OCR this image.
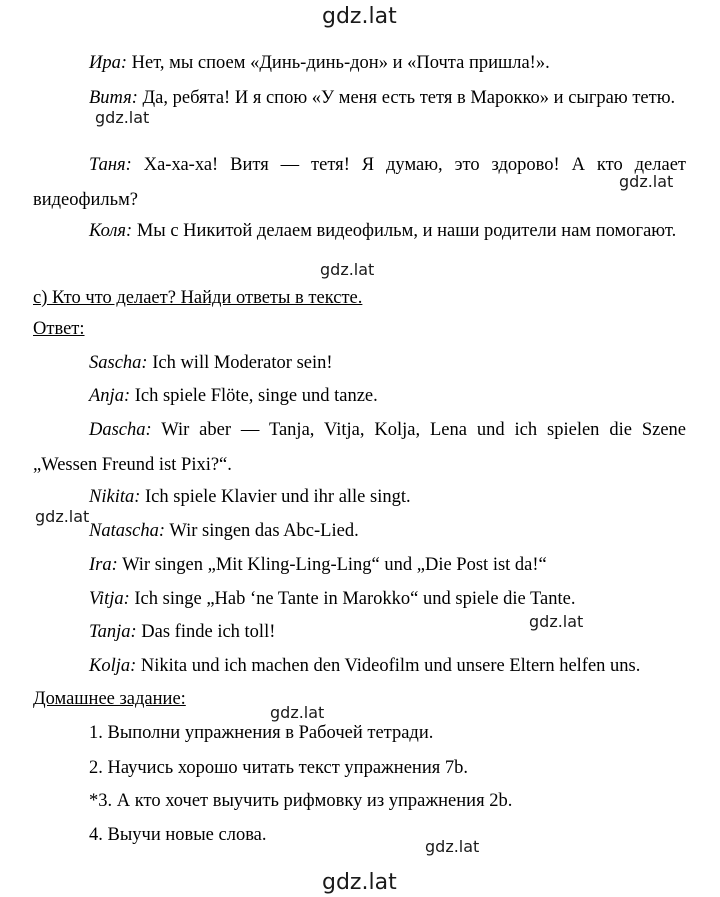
gdz.lat
gdz.lat
gdz.lat
gdz.lat
gdz.lat
gdz.lat
gdz.lat
gdz.lat
gdz.lat
Ира: Нет, мы споем «Динь-динь-дон» и «Почта пришла!».
Витя: Да, ребята! И я спою «У меня есть тетя в Марокко» и сыграю тетю.
Таня: Ха-ха-ха! Витя — тетя! Я думаю, это здорово! А кто делает видеофильм?
Коля: Мы с Никитой делаем видеофильм, и наши родители нам помогают.
с) Кто что делает? Найди ответы в тексте.
Ответ:
Sascha: Ich will Moderator sein!
Anja: Ich spiele Flöte, singe und tanze.
Dascha: Wir aber — Tanja, Vitja, Kolja, Lena und ich spielen die Szene „Wessen Freund ist Pixi?“.
Nikita: Ich spiele Klavier und ihr alle singt.
Natascha: Wir singen das Abc-Lied.
Ira: Wir singen „Mit Kling-Ling-Ling“ und „Die Post ist da!“
Vitja: Ich singe „Hab ‘ne Tante in Marokko“ und spiele die Tante.
Tanja: Das finde ich toll!
Kolja: Nikita und ich machen den Videofilm und unsere Eltern helfen uns.
Домашнее задание:
1. Выполни упражнения в Рабочей тетради.
2. Научись хорошо читать текст упражнения 7b.
*3. А кто хочет выучить рифмовку из упражнения 2b.
4. Выучи новые слова.
